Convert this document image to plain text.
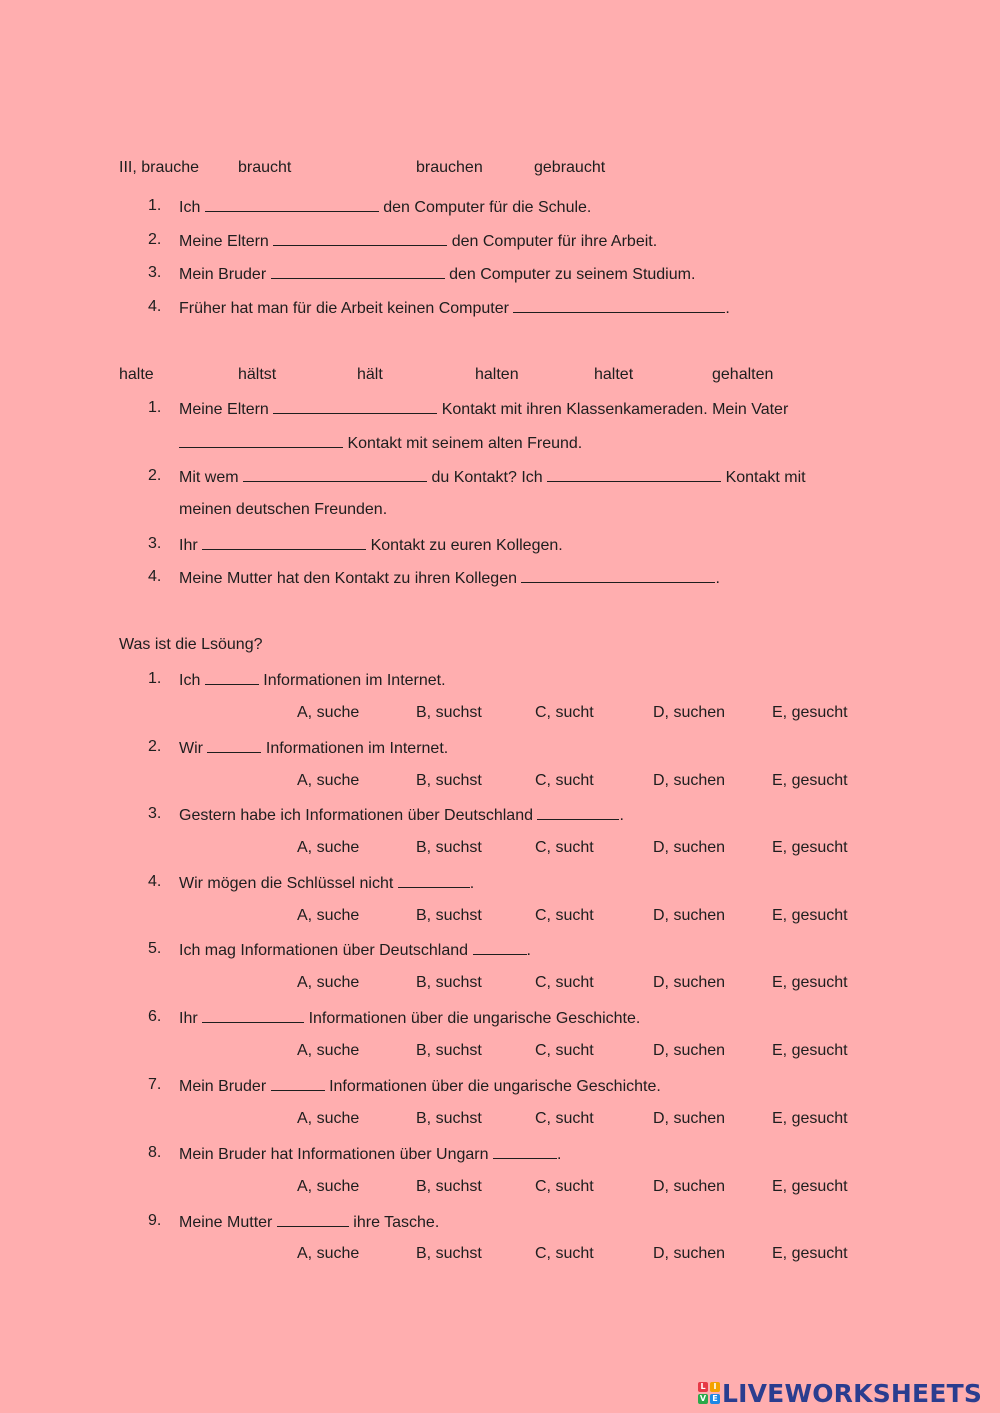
III, brauche braucht	brauchen	gebraucht
1. Ich	den Computer für die Schule.
2. Meine Eltern	den Computer für ihre Arbeit.
3. Mein Bruder	den Computer zu seinem Studium.
4. Früher hat man für die Arbeit keinen Computer	.
halte	hältst	hält	halten	haltet	gehalten
1. Meine Eltern	Kontakt mit ihren Klassenkameraden. Mein Vater
Kontakt mit seinem alten Freund.
2. Mit wem	du Kontakt? Ich	Kontakt mit
meinen deutschen Freunden.
3. Ihr	Kontakt zu euren Kollegen.
4. Meine Mutter hat den Kontakt zu ihren Kollegen	.
Was ist die Lsöung?
1. Ich	Informationen im Internet.
A, suche	B, suchst	C, sucht	D, suchen	E, gesucht
2. Wir	Informationen im Internet.
A, suche	B, suchst	C, sucht	D, suchen	E, gesucht
3. Gestern habe ich Informationen über Deutschland	.
A, suche	B, suchst	C, sucht	D, suchen	E, gesucht
4. Wir mögen die Schlüssel nicht	.
A, suche	B, suchst	C, sucht	D, suchen	E, gesucht
5. Ich mag Informationen über Deutschland	.
A, suche	B, suchst	C, sucht	D, suchen	E, gesucht
6. Ihr	Informationen über die ungarische Geschichte.
A, suche	B, suchst	C, sucht	D, suchen	E, gesucht
7. Mein Bruder	Informationen über die ungarische Geschichte.
A, suche	B, suchst	C, sucht	D, suchen	E, gesucht
8. Mein Bruder hat Informationen über Ungarn	.
A, suche	B, suchst	C, sucht	D, suchen	E, gesucht
9. Meine Mutter	ihre Tasche.
A, suche	B, suchst	C, sucht	D, suchen	E, gesucht
L I
V E LIVEWORKSHEETS
